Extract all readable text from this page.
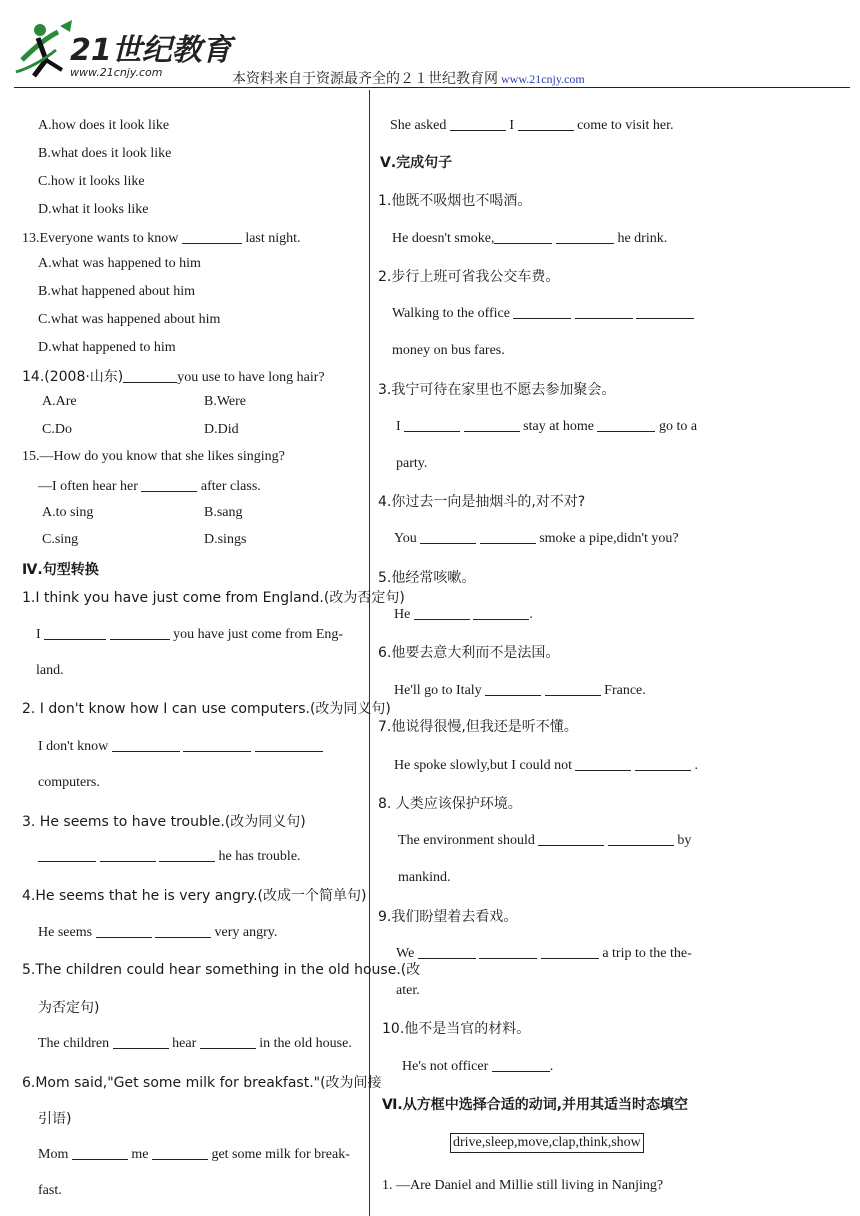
21世纪教育
www.21cnjy.com	本资料来自于资源最齐全的２１世纪教育网 www.21cnjy.com
A.how does it look like
B.what does it look like
C.how it looks like
D.what it looks like
13.Everyone wants to know	last night.
A.what was happened to him
B.what happened about him
C.what was happened about him
D.what happened to him
14.(2008·山东)	you use to have long hair?
A.Are	B.Were
C.Do	D.Did
15.—How do you know that she likes singing?
—I often hear her	after class.
A.to sing	B.sang
C.sing	D.sings
Ⅳ.句型转换
1.I think you have just come from England.(改为否定句)
I	you have just come from Eng-
land.
2. I don't know how I can use computers.(改为同义句)
I don't know
computers.
3. He seems to have trouble.(改为同义句)
he has trouble.
4.He seems that he is very angry.(改成一个简单句)
He seems	very angry.
5.The children could hear something in the old house.(改
为否定句)
The children	hear	in the old house.
6.Mom said,"Get some milk for breakfast."(改为间接
引语)
Mom	me	get some milk for break-
fast.
She asked	I	come to visit her.
Ⅴ.完成句子
1.他既不吸烟也不喝酒。
He doesn't smoke,	he drink.
2.步行上班可省我公交车费。
Walking to the office
money on bus fares.
3.我宁可待在家里也不愿去参加聚会。
I	stay at home	go to a
party.
4.你过去一向是抽烟斗的,对不对?
You	smoke a pipe,didn't you?
5.他经常咳嗽。
He	.
6.他要去意大利而不是法国。
He'll go to Italy	France.
7.他说得很慢,但我还是听不懂。
He spoke slowly,but I could not	.
8. 人类应该保护环境。
The environment should	by
mankind.
9.我们盼望着去看戏。
We	a trip to the the-
ater.
10.他不是当官的材料。
He's not officer	.
Ⅵ.从方框中选择合适的动词,并用其适当时态填空
drive,sleep,move,clap,think,show
1. —Are Daniel and Millie still living in Nanjing?
